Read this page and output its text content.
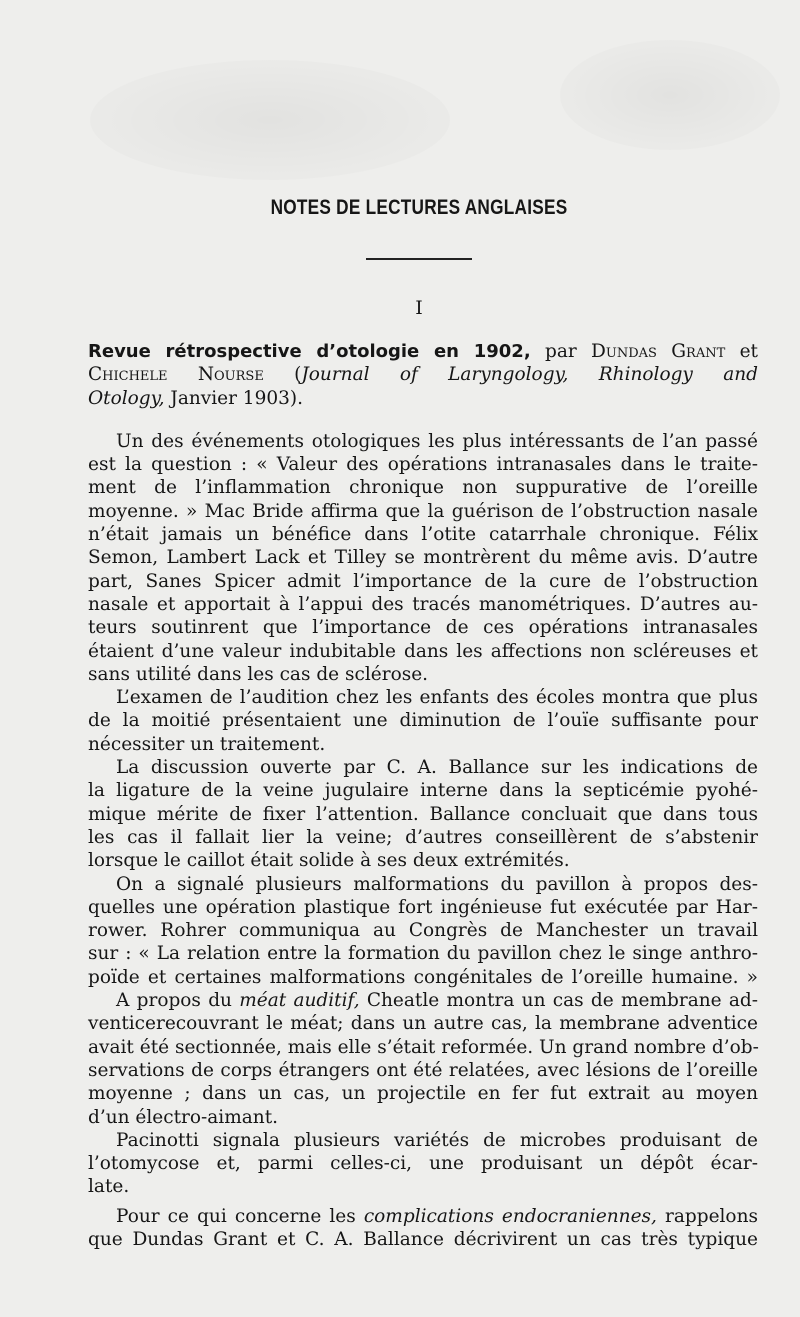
NOTES DE LECTURES ANGLAISES
I
Revue rétrospective d’otologie en 1902, par Dundas Grant et
Chichele Nourse (Journal of Laryngology, Rhinology and
Otology, Janvier 1903).
Un des événements otologiques les plus intéressants de l’an passé
est la question : « Valeur des opérations intranasales dans le traite-
ment de l’inflammation chronique non suppurative de l’oreille
moyenne. » Mac Bride affirma que la guérison de l’obstruction nasale
n’était jamais un bénéfice dans l’otite catarrhale chronique. Félix
Semon, Lambert Lack et Tilley se montrèrent du même avis. D’autre
part, Sanes Spicer admit l’importance de la cure de l’obstruction
nasale et apportait à l’appui des tracés manométriques. D’autres au-
teurs soutinrent que l’importance de ces opérations intranasales
étaient d’une valeur indubitable dans les affections non scléreuses et
sans utilité dans les cas de sclérose.
L’examen de l’audition chez les enfants des écoles montra que plus
de la moitié présentaient une diminution de l’ouïe suffisante pour
nécessiter un traitement.
La discussion ouverte par C. A. Ballance sur les indications de
la ligature de la veine jugulaire interne dans la septicémie pyohé-
mique mérite de fixer l’attention. Ballance concluait que dans tous
les cas il fallait lier la veine; d’autres conseillèrent de s’abstenir
lorsque le caillot était solide à ses deux extrémités.
On a signalé plusieurs malformations du pavillon à propos des-
quelles une opération plastique fort ingénieuse fut exécutée par Har-
rower. Rohrer communiqua au Congrès de Manchester un travail
sur : « La relation entre la formation du pavillon chez le singe anthro-
poïde et certaines malformations congénitales de l’oreille humaine. »
A propos du méat auditif, Cheatle montra un cas de membrane ad-
venticerecouvrant le méat; dans un autre cas, la membrane adventice
avait été sectionnée, mais elle s’était reformée. Un grand nombre d’ob-
servations de corps étrangers ont été relatées, avec lésions de l’oreille
moyenne ; dans un cas, un projectile en fer fut extrait au moyen
d’un électro-aimant.
Pacinotti signala plusieurs variétés de microbes produisant de
l’otomycose et, parmi celles-ci, une produisant un dépôt écar-
late.
Pour ce qui concerne les complications endocraniennes, rappelons
que Dundas Grant et C. A. Ballance décrivirent un cas très typique
